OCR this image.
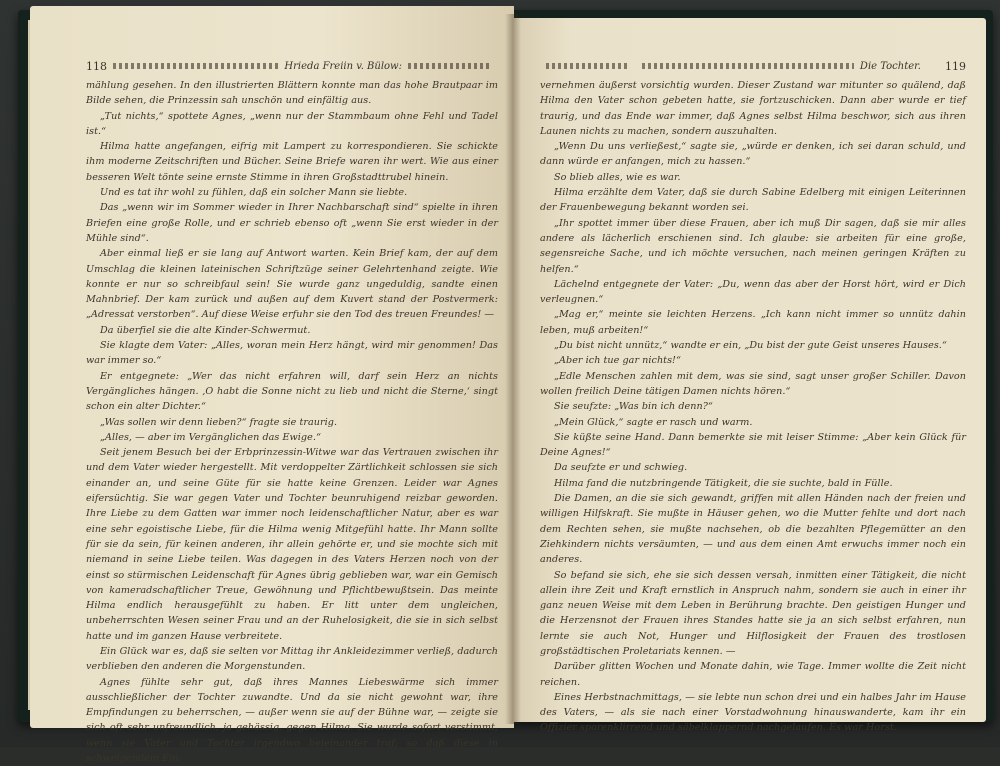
118	Hrieda Freiin v. Bülow:

mählung gesehen. In den illustrierten Blättern konnte man das hohe Brautpaar im Bilde sehen, die Prinzessin sah unschön und einfältig aus.

„Tut nichts,“ spottete Agnes, „wenn nur der Stammbaum ohne Fehl und Tadel ist.“

Hilma hatte angefangen, eifrig mit Lampert zu korrespondieren. Sie schickte ihm moderne Zeitschriften und Bücher. Seine Briefe waren ihr wert. Wie aus einer besseren Welt tönte seine ernste Stimme in ihren Großstadttrubel hinein.

Und es tat ihr wohl zu fühlen, daß ein solcher Mann sie liebte.

Das „wenn wir im Sommer wieder in Ihrer Nachbarschaft sind“ spielte in ihren Briefen eine große Rolle, und er schrieb ebenso oft „wenn Sie erst wieder in der Mühle sind“.

Aber einmal ließ er sie lang auf Antwort warten. Kein Brief kam, der auf dem Umschlag die kleinen lateinischen Schriftzüge seiner Gelehrtenhand zeigte. Wie konnte er nur so schreibfaul sein! Sie wurde ganz ungeduldig, sandte einen Mahnbrief. Der kam zurück und außen auf dem Kuvert stand der Postvermerk: „Adressat verstorben“. Auf diese Weise erfuhr sie den Tod des treuen Freundes! —

Da überfiel sie die alte Kinder-Schwermut.

Sie klagte dem Vater: „Alles, woran mein Herz hängt, wird mir genommen! Das war immer so.“

Er entgegnete: „Wer das nicht erfahren will, darf sein Herz an nichts Vergängliches hängen. ‚O habt die Sonne nicht zu lieb und nicht die Sterne,‘ singt schon ein alter Dichter.“

„Was sollen wir denn lieben?“ fragte sie traurig.

„Alles, — aber im Vergänglichen das Ewige.“

Seit jenem Besuch bei der Erbprinzessin-Witwe war das Vertrauen zwischen ihr und dem Vater wieder hergestellt. Mit verdoppelter Zärtlichkeit schlossen sie sich einander an, und seine Güte für sie hatte keine Grenzen. Leider war Agnes eifersüchtig. Sie war gegen Vater und Tochter beunruhigend reizbar geworden. Ihre Liebe zu dem Gatten war immer noch leidenschaftlicher Natur, aber es war eine sehr egoistische Liebe, für die Hilma wenig Mitgefühl hatte. Ihr Mann sollte für sie da sein, für keinen anderen, ihr allein gehörte er, und sie mochte sich mit niemand in seine Liebe teilen. Was dagegen in des Vaters Herzen noch von der einst so stürmischen Leidenschaft für Agnes übrig geblieben war, war ein Gemisch von kameradschaftlicher Treue, Gewöhnung und Pflichtbewußtsein. Das meinte Hilma endlich herausgefühlt zu haben. Er litt unter dem ungleichen, unbeherrschten Wesen seiner Frau und an der Ruhelosigkeit, die sie in sich selbst hatte und im ganzen Hause verbreitete.

Ein Glück war es, daß sie selten vor Mittag ihr Ankleidezimmer verließ, dadurch verblieben den anderen die Morgenstunden.

Agnes fühlte sehr gut, daß ihres Mannes Liebeswärme sich immer ausschließlicher der Tochter zuwandte. Und da sie nicht gewohnt war, ihre Empfindungen zu beherrschen, — außer wenn sie auf der Bühne war, — zeigte sie sich oft sehr unfreundlich, ja gehässig, gegen Hilma. Sie wurde sofort verstimmt, wenn sie Vater und Tochter irgendwo beieinander traf, so daß diese in schweigendem Ein-

Die Tochter. 119

vernehmen äußerst vorsichtig wurden. Dieser Zustand war mitunter so quälend, daß Hilma den Vater schon gebeten hatte, sie fortzuschicken. Dann aber wurde er tief traurig, und das Ende war immer, daß Agnes selbst Hilma beschwor, sich aus ihren Launen nichts zu machen, sondern auszuhalten.

„Wenn Du uns verließest,“ sagte sie, „würde er denken, ich sei daran schuld, und dann würde er anfangen, mich zu hassen.“

So blieb alles, wie es war.

Hilma erzählte dem Vater, daß sie durch Sabine Edelberg mit einigen Leiterinnen der Frauenbewegung bekannt worden sei.

„Ihr spottet immer über diese Frauen, aber ich muß Dir sagen, daß sie mir alles andere als lächerlich erschienen sind. Ich glaube: sie arbeiten für eine große, segensreiche Sache, und ich möchte versuchen, nach meinen geringen Kräften zu helfen.“

Lächelnd entgegnete der Vater: „Du, wenn das aber der Horst hört, wird er Dich verleugnen.“

„Mag er,“ meinte sie leichten Herzens. „Ich kann nicht immer so unnütz dahin leben, muß arbeiten!“

„Du bist nicht unnütz,“ wandte er ein, „Du bist der gute Geist unseres Hauses.“

„Aber ich tue gar nichts!“

„Edle Menschen zahlen mit dem, was sie sind, sagt unser großer Schiller. Davon wollen freilich Deine tätigen Damen nichts hören.“

Sie seufzte: „Was bin ich denn?“

„Mein Glück,“ sagte er rasch und warm.

Sie küßte seine Hand. Dann bemerkte sie mit leiser Stimme: „Aber kein Glück für Deine Agnes!“

Da seufzte er und schwieg.

Hilma fand die nutzbringende Tätigkeit, die sie suchte, bald in Fülle.

Die Damen, an die sie sich gewandt, griffen mit allen Händen nach der freien und willigen Hilfskraft. Sie mußte in Häuser gehen, wo die Mutter fehlte und dort nach dem Rechten sehen, sie mußte nachsehen, ob die bezahlten Pflegemütter an den Ziehkindern nichts versäumten, — und aus dem einen Amt erwuchs immer noch ein anderes.

So befand sie sich, ehe sie sich dessen versah, inmitten einer Tätigkeit, die nicht allein ihre Zeit und Kraft ernstlich in Anspruch nahm, sondern sie auch in einer ihr ganz neuen Weise mit dem Leben in Berührung brachte. Den geistigen Hunger und die Herzensnot der Frauen ihres Standes hatte sie ja an sich selbst erfahren, nun lernte sie auch Not, Hunger und Hilflosigkeit der Frauen des trostlosen großstädtischen Proletariats kennen. —

Darüber glitten Wochen und Monate dahin, wie Tage. Immer wollte die Zeit nicht reichen.

Eines Herbstnachmittags, — sie lebte nun schon drei und ein halbes Jahr im Hause des Vaters, — als sie nach einer Vorstadwohnung hinauswanderte, kam ihr ein Offizier sporenklirrend und säbelklappernd nachgelaufen. Es war Horst.
